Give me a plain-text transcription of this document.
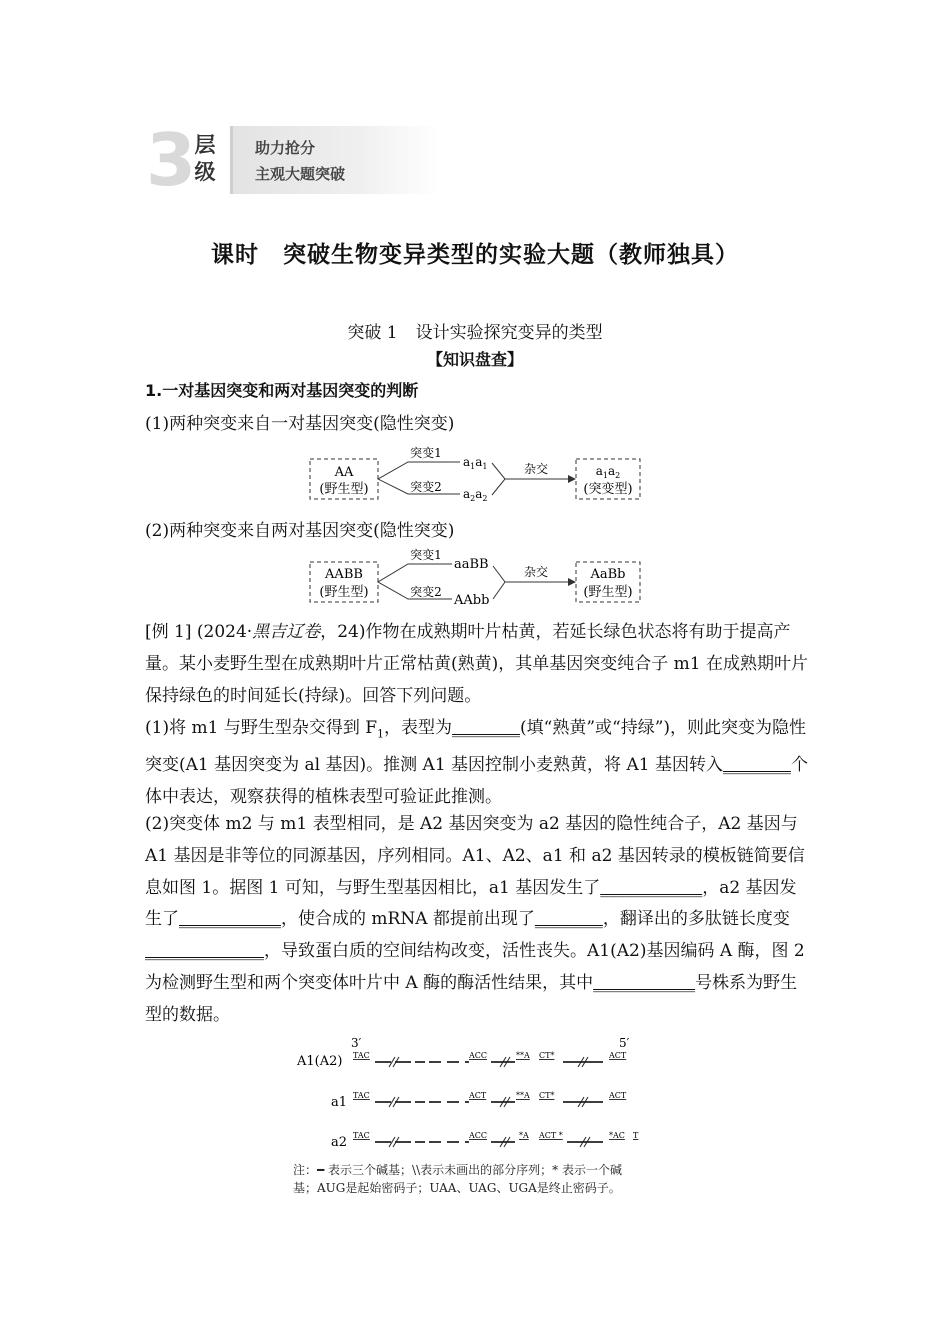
3
层级
助力抢分
主观大题突破
课时　突破生物变异类型的实验大题（教师独具）
突破 1 设计实验探究变异的类型
【知识盘查】
1.一对基因突变和两对基因突变的判断
(1)两种突变来自一对基因突变(隐性突变)
AA
(野生型)
突变1
突变2
$a_1a_1$
$a_2a_2$
杂交	$a_1a_2$
(突变型)
(2)两种突变来自两对基因突变(隐性突变)
AABB
(野生型)
突变1
突变2
aaBB
AAbb
杂交	AaBb
(野生型)
[例 1] (2024·黑吉辽卷，24)作物在成熟期叶片枯黄，若延长绿色状态将有助于提高产量。某小麦野生型在成熟期叶片正常枯黄(熟黄)，其单基因突变纯合子 m1 在成熟期叶片保持绿色的时间延长(持绿)。回答下列问题。
(1)将 m1 与野生型杂交得到 $F_1$，表型为________(填“熟黄”或“持绿”)，则此突变为隐性突变(A1 基因突变为 al 基因)。推测 A1 基因控制小麦熟黄，将 A1 基因转入________个体中表达，观察获得的植株表型可验证此推测。
(2)突变体 m2 与 m1 表型相同，是 A2 基因突变为 a2 基因的隐性纯合子，A2 基因与 A1 基因是非等位的同源基因，序列相同。A1、A2、a1 和 a2 基因转录的模板链简要信息如图 1。据图 1 可知，与野生型基因相比，a1 基因发生了____________，a2 基因发生了____________，使合成的 mRNA 都提前出现了________，翻译出的多肽链长度变______________，导致蛋白质的空间结构改变，活性丧失。A1(A2)基因编码 A 酶，图 2 为检测野生型和两个突变体叶片中 A 酶的酶活性结果，其中____________号株系为野生型的数据。
3′	5′
A1(A2) TAC	ACC	**A CT*	ACT
a1 TAC	ACT	**A CT*	ACT
a2 TAC	ACC	*A ACT *	*AC T
注：━ 表示三个碱基；\\表示未画出的部分序列；* 表示一个碱
基；AUG是起始密码子；UAA、UAG、UGA是终止密码子。
